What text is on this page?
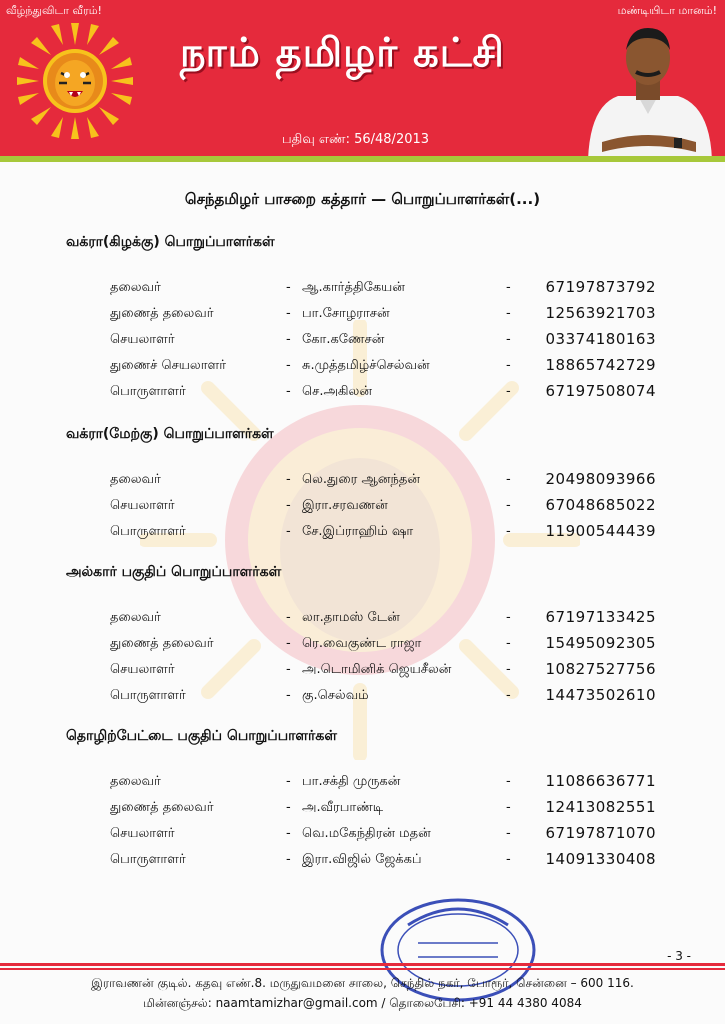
வீழ்ந்துவிடா வீரம்!	மண்டியிடா மானம்!
நாம் தமிழர் கட்சி
பதிவு எண்: 56/48/2013
செந்தமிழர் பாசறை கத்தார் — பொறுப்பாளர்கள்(...)
வக்ரா(கிழக்கு) பொறுப்பாளர்கள்
தலைவர்	- ஆ.கார்த்திகேயன்	- 67197873792
துணைத் தலைவர்	- பா.சோழராசன்	- 12563921703
செயலாளர்	- கோ.கணேசன்	- 03374180163
துணைச் செயலாளர்	- சு.முத்தமிழ்ச்செல்வன்	- 18865742729
பொருளாளர்	- செ.அகிலன்	- 67197508074
வக்ரா(மேற்கு) பொறுப்பாளர்கள்
தலைவர்	- லெ.துரை ஆனந்தன்	- 20498093966
செயலாளர்	- இரா.சரவணன்	- 67048685022
பொருளாளர்	- சே.இப்ராஹிம் ஷா	- 11900544439
அல்கார் பகுதிப் பொறுப்பாளர்கள்
தலைவர்	- லா.தாமஸ் டேன்	- 67197133425
துணைத் தலைவர்	- ரெ.வைகுண்ட ராஜா	- 15495092305
செயலாளர்	- அ.டொமினிக் ஜெயசீலன்	- 10827527756
பொருளாளர்	- கு.செல்வம்	- 14473502610
தொழிற்பேட்டை பகுதிப் பொறுப்பாளர்கள்
தலைவர்	- பா.சக்தி முருகன்	- 11086636771
துணைத் தலைவர்	- அ.வீரபாண்டி	- 12413082551
செயலாளர்	- வெ.மகேந்திரன் மதன்	- 67197871070
பொருளாளர்	- இரா.விஜில் ஜேக்கப்	- 14091330408
- 3 -
இராவணன் குடில். கதவு எண்.8. மருதுவமனை சாலை, செந்தில் நகர், போரூர், சென்னை – 600 116.
மின்னஞ்சல்: naamtamizhar@gmail.com / தொலைபேசி: +91 44 4380 4084
